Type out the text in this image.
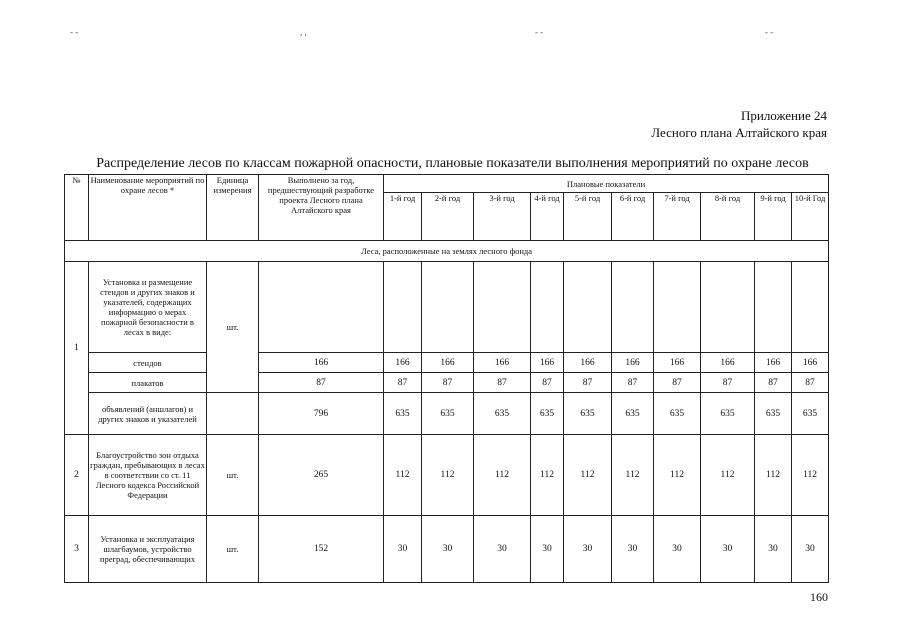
- -	, ,	- -	- -
Приложение 24
Лесного плана Алтайского края
Распределение лесов по классам пожарной опасности, плановые показатели выполнения мероприятий по охране лесов
№	Наименование мероприятий по охране лесов *	Единица измерения	Выполнено за год, предшествующий разработке проекта Лесного плана Алтайского края	Плановые показатели									
				1-й год	2-й год	3-й год	4-й год	5-й год	6-й год	7-й год	8-й год	9-й год	10-й Год
Леса, расположенные на землях лесного фонда													
1	Установка и размещение стендов и других знаков и указателей, содержащих информацию о мерах пожарной безопасности в лесах в виде:	шт.											
	стендов		166	166	166	166	166	166	166	166	166	166	166
	плакатов		87	87	87	87	87	87	87	87	87	87	87
	объявлений (аншлагов) и других знаков и указателей		796	635	635	635	635	635	635	635	635	635	635
2	Благоустройство зон отдыха граждан, пребывающих в лесах в соответствии со ст. 11 Лесного кодекса Российской Федерации	шт.	265	112	112	112	112	112	112	112	112	112	112
3	Установка и эксплуатация шлагбаумов, устройство преград, обеспечивающих	шт.	152	30	30	30	30	30	30	30	30	30	30
160
